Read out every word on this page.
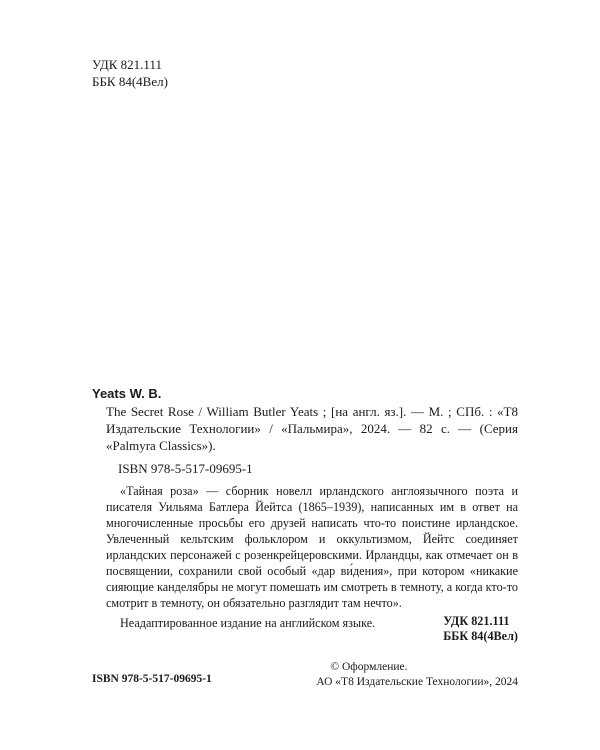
УДК 821.111
ББК 84(4Вел)
Yeats W. B.
The Secret Rose / William Butler Yeats ; [на англ. яз.]. — М. ; СПб. : «Т8 Издательские Технологии» / «Пальмира», 2024. — 82 с. — (Серия «Palmyra Classics»).
ISBN 978-5-517-09695-1

«Тайная роза» — сборник новелл ирландского англоязычного поэта и писателя Уильяма Батлера Йейтса (1865–1939), написанных им в ответ на многочисленные просьбы его друзей написать что-то поистине ирландское. Увлеченный кельтским фольклором и оккультизмом, Йейтс соединяет ирландских персонажей с розенкрейцеровскими. Ирландцы, как отмечает он в посвящении, сохранили свой особый «дар ви́дения», при котором «никакие сияющие канделябры не могут помешать им смотреть в темноту, а когда кто-то смотрит в темноту, он обязательно разглядит там нечто».

Неадаптированное издание на английском языке.	УДК 821.111
ББК 84(4Вел)
ISBN 978-5-517-09695-1
© Оформление.
АО «Т8 Издательские Технологии», 2024
